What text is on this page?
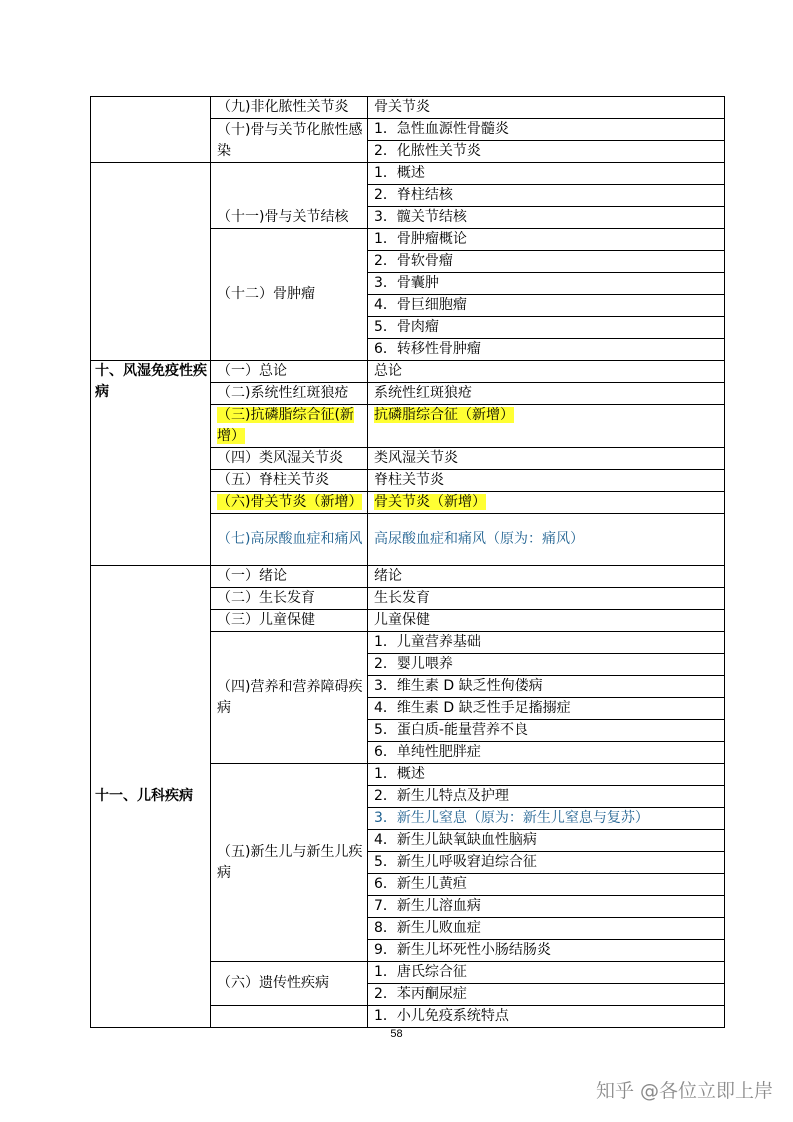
	（九)非化脓性关节炎	骨关节炎
	（十)骨与关节化脓性感染	1．急性血源性骨髓炎
		2．化脓性关节炎
	（十一)骨与关节结核	1．概述
		2．脊柱结核
		3．髋关节结核
	（十二）骨肿瘤	1．骨肿瘤概论
		2．骨软骨瘤
		3．骨囊肿
		4．骨巨细胞瘤
		5．骨肉瘤
		6．转移性骨肿瘤
十、风湿免疫性疾病	（一）总论	总论
	（二)系统性红斑狼疮	系统性红斑狼疮
	（三)抗磷脂综合征(新增）	抗磷脂综合征（新增）
	（四）类风湿关节炎	类风湿关节炎
	（五）脊柱关节炎	脊柱关节炎
	（六)骨关节炎（新增）	骨关节炎（新增）
	（七)高尿酸血症和痛风	高尿酸血症和痛风（原为：痛风）
十一、儿科疾病	（一）绪论	绪论
	（二）生长发育	生长发育
	（三）儿童保健	儿童保健
	（四)营养和营养障碍疾病	1．儿童营养基础
		2．婴儿喂养
		3．维生素 D 缺乏性佝偻病
		4．维生素 D 缺乏性手足搐搦症
		5．蛋白质-能量营养不良
		6．单纯性肥胖症
	（五)新生儿与新生儿疾病	1．概述
		2．新生儿特点及护理
		3．新生儿窒息（原为：新生儿窒息与复苏）
		4．新生儿缺氧缺血性脑病
		5．新生儿呼吸窘迫综合征
		6．新生儿黄疸
		7．新生儿溶血病
		8．新生儿败血症
		9．新生儿坏死性小肠结肠炎
	（六）遗传性疾病	1．唐氏综合征
		2．苯丙酮尿症
		1．小儿免疫系统特点
58
知乎 @各位立即上岸
